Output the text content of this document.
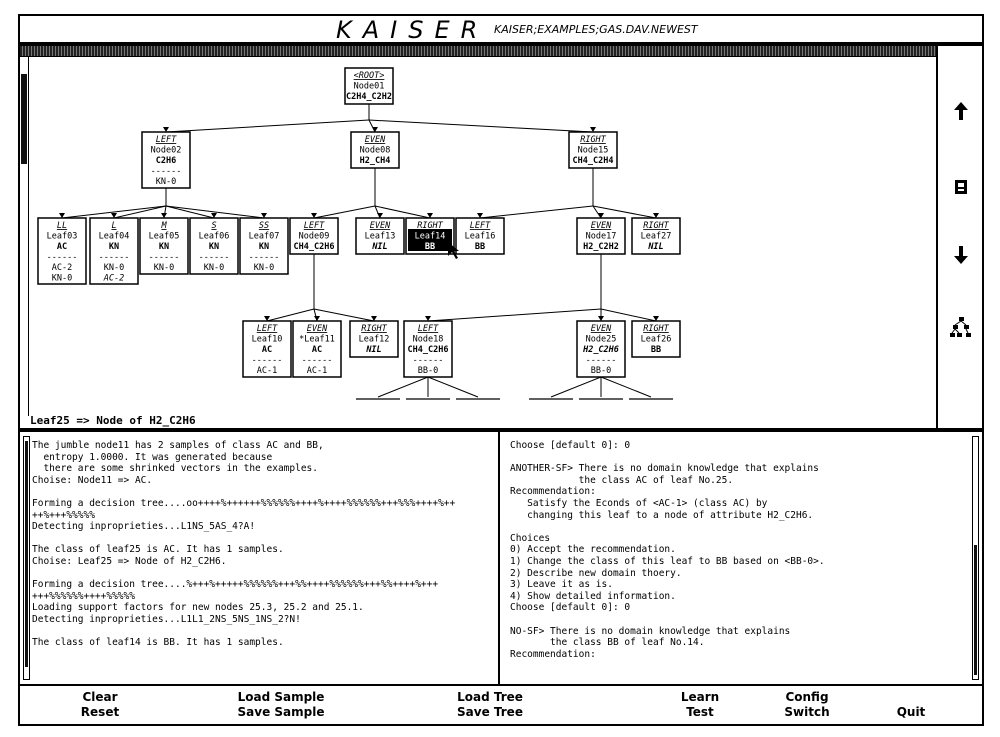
KAISER KAISER;EXAMPLES;GAS.DAV.NEWEST
<ROOT>
Node01
C2H4_C2H2
LEFT
Node02
C2H6
------
KN-0
EVEN
Node08
H2_CH4
RIGHT
Node15
CH4_C2H4
LL
Leaf03
AC
------
AC-2
KN-0
L
Leaf04
KN
------
KN-0
AC-2
M
Leaf05
KN
------
KN-0
S
Leaf06
KN
------
KN-0
SS
Leaf07
KN
------
KN-0
LEFT
Node09
CH4_C2H6
EVEN
Leaf13
NIL
RIGHT
Leaf14
BB
LEFT
Leaf16
BB
EVEN
Node17
H2_C2H2
RIGHT
Leaf27
NIL
LEFT
Leaf10
AC
------
AC-1
EVEN
*Leaf11
AC
------
AC-1
RIGHT
Leaf12
NIL
LEFT
Node18
CH4_C2H6
------
BB-0
EVEN
Node25
H2_C2H6
------
BB-0
RIGHT
Leaf26
BB
Leaf25 => Node of H2_C2H6
The jumble node11 has 2 samples of class AC and BB,
entropy 1.0000. It was generated because
there are some shrinked vectors in the examples.
Choise: Node11 => AC.

Forming a decision tree....oo++++%++++++%%%%%%++++%++++%%%%%%+++%%%++++%++
++%+++%%%%%
Detecting inproprieties...L1NS_5AS_4?A!

The class of leaf25 is AC. It has 1 samples.
Choise: Leaf25 => Node of H2_C2H6.

Forming a decision tree....%+++%+++++%%%%%%+++%%++++%%%%%%+++%%++++%+++
+++%%%%%%++++%%%%%
Loading support factors for new nodes 25.3, 25.2 and 25.1.
Detecting inproprieties...L1L1_2NS_5NS_1NS_2?N!

The class of leaf14 is BB. It has 1 samples.
Choose [default 0]: 0

ANOTHER-SF> There is no domain knowledge that explains
the class AC of leaf No.25.
Recommendation:
Satisfy the Econds of <AC-1> (class AC) by
changing this leaf to a node of attribute H2_C2H6.

Choices
0) Accept the recommendation.
1) Change the class of this leaf to BB based on <BB-0>.
2) Describe new domain thoery.
3) Leave it as is.
4) Show detailed information.
Choose [default 0]: 0

NO-SF> There is no domain knowledge that explains
the class BB of leaf No.14.
Recommendation:
Clear
Reset
Load Sample
Save Sample
Load Tree
Save Tree
Learn
Test
Config
Switch	Quit
